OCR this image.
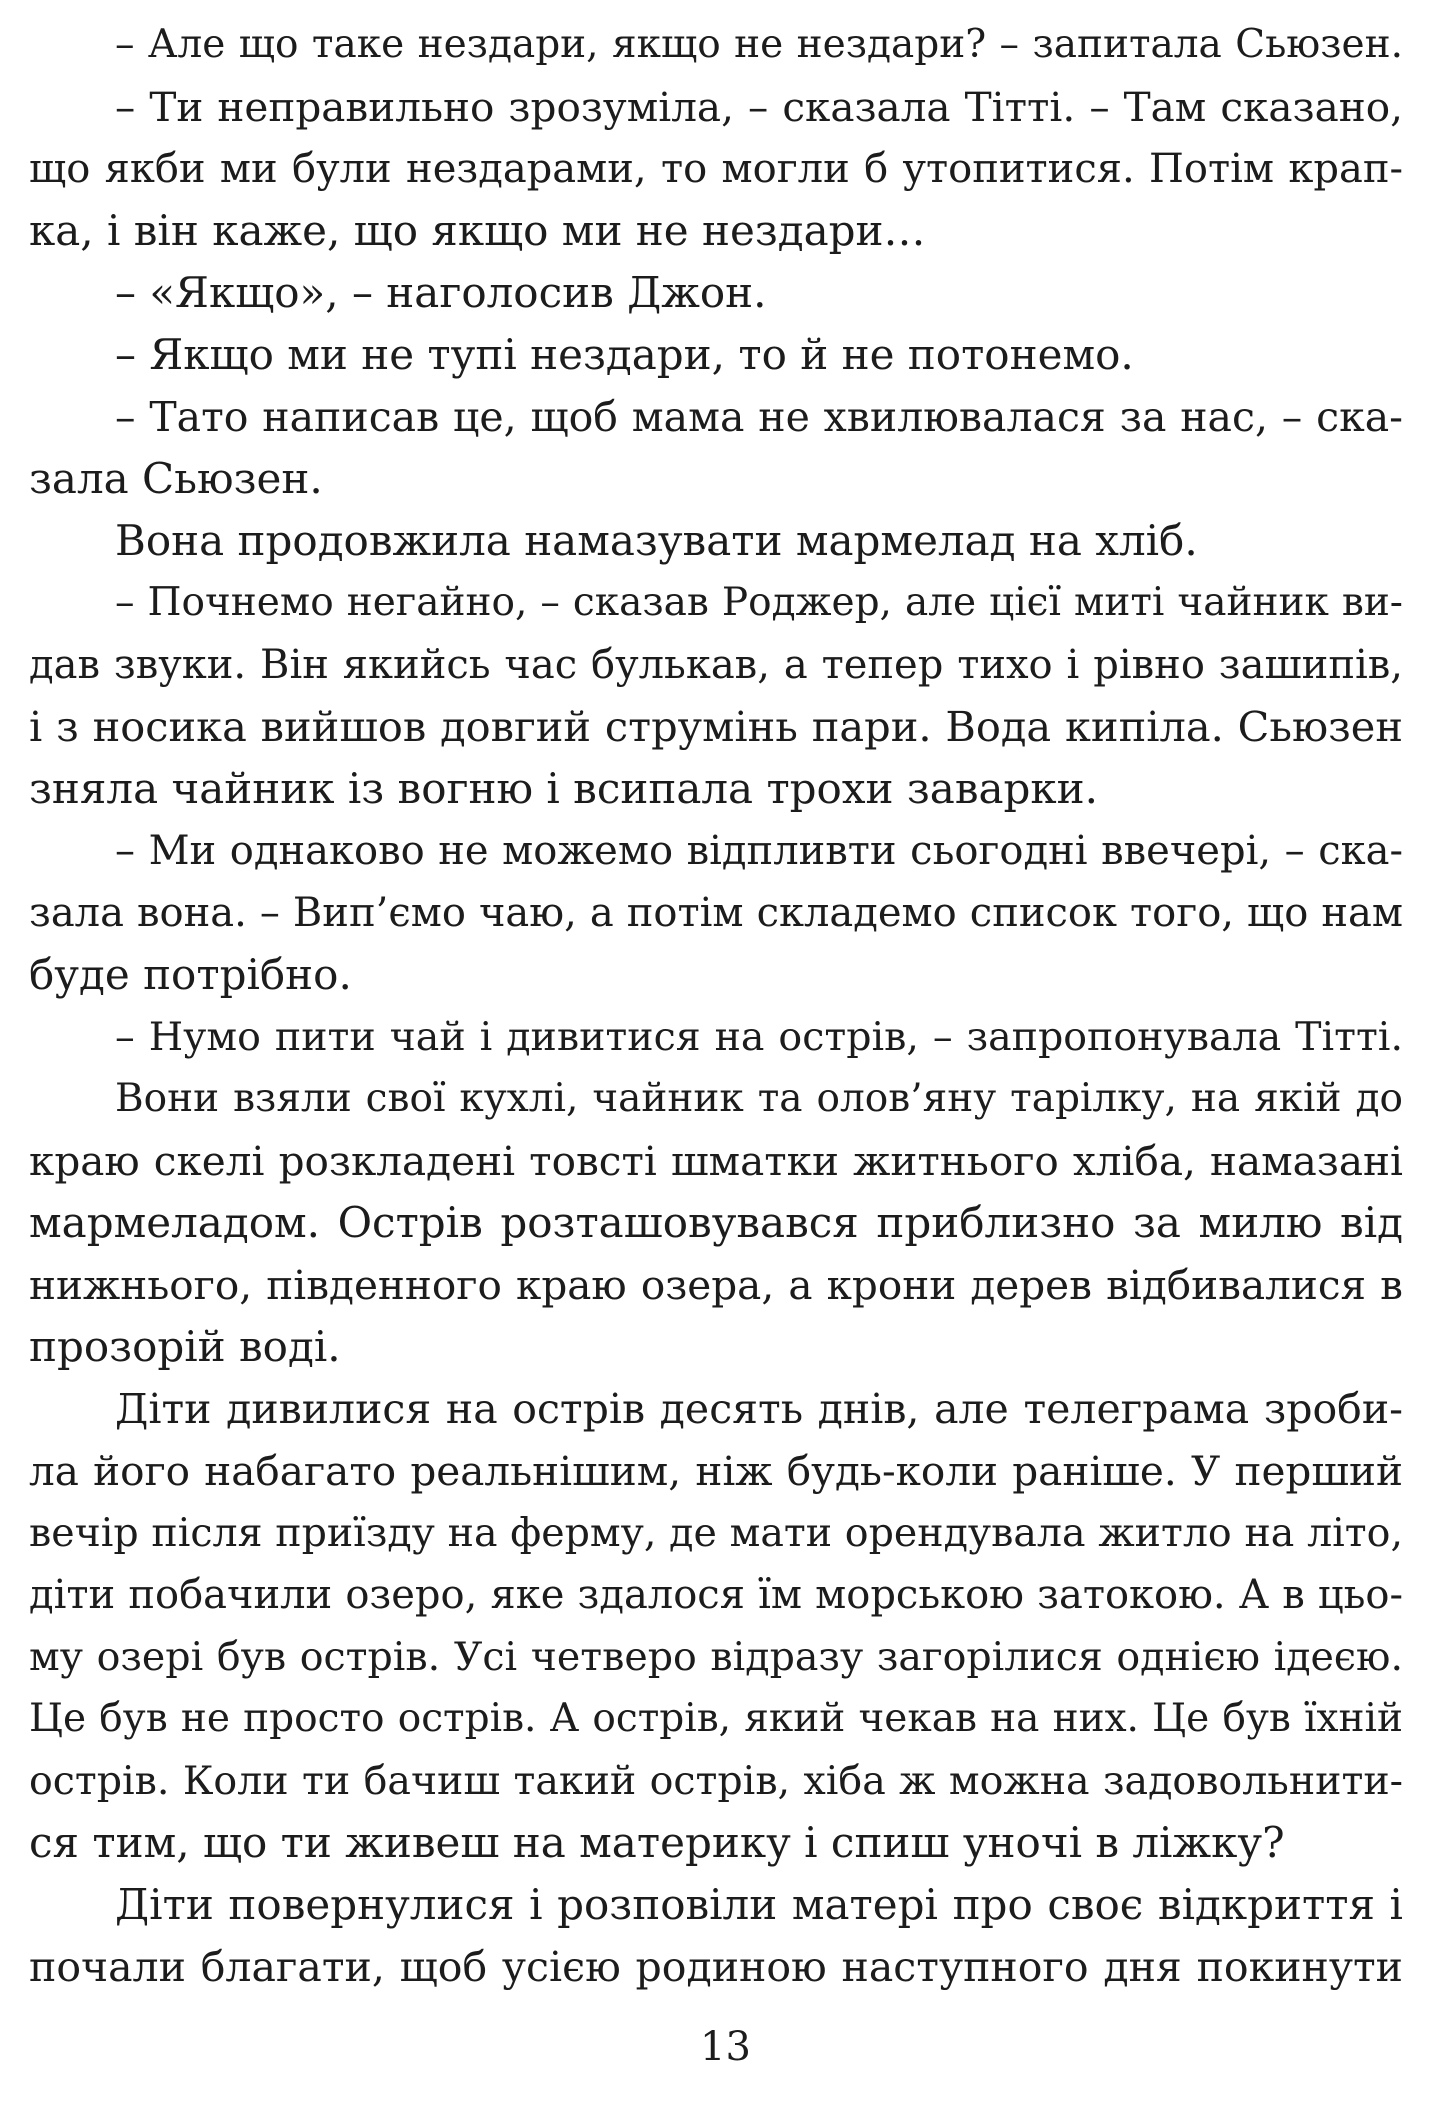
– Але що таке нездари, якщо не нездари? – запитала Сьюзен.
– Ти неправильно зрозуміла, – сказала Тітті. – Там сказано,
що якби ми були нездарами, то могли б утопитися. Потім крап-
ка, і він каже, що якщо ми не нездари…
– «Якщо», – наголосив Джон.
– Якщо ми не тупі нездари, то й не потонемо.
– Тато написав це, щоб мама не хвилювалася за нас, – ска-
зала Сьюзен.
Вона продовжила намазувати мармелад на хліб.
– Почнемо негайно, – сказав Роджер, але цієї миті чайник ви-
дав звуки. Він якийсь час булькав, а тепер тихо і рівно зашипів,
і з носика вийшов довгий струмінь пари. Вода кипіла. Сьюзен
зняла чайник із вогню і всипала трохи заварки.
– Ми однаково не можемо відпливти сьогодні ввечері, – ска-
зала вона. – Вип’ємо чаю, а потім складемо список того, що нам
буде потрібно.
– Нумо пити чай і дивитися на острів, – запропонувала Тітті.
Вони взяли свої кухлі, чайник та олов’яну тарілку, на якій до
краю скелі розкладені товсті шматки житнього хліба, намазані
мармеладом. Острів розташовувався приблизно за милю від
нижнього, південного краю озера, а крони дерев відбивалися в
прозорій воді.
Діти дивилися на острів десять днів, але телеграма зроби-
ла його набагато реальнішим, ніж будь-коли раніше. У перший
вечір після приїзду на ферму, де мати орендувала житло на літо,
діти побачили озеро, яке здалося їм морською затокою. А в цьо-
му озері був острів. Усі четверо відразу загорілися однією ідеєю.
Це був не просто острів. А острів, який чекав на них. Це був їхній
острів. Коли ти бачиш такий острів, хіба ж можна задовольнити-
ся тим, що ти живеш на материку і спиш уночі в ліжку?
Діти повернулися і розповіли матері про своє відкриття і
почали благати, щоб усією родиною наступного дня покинути
13
